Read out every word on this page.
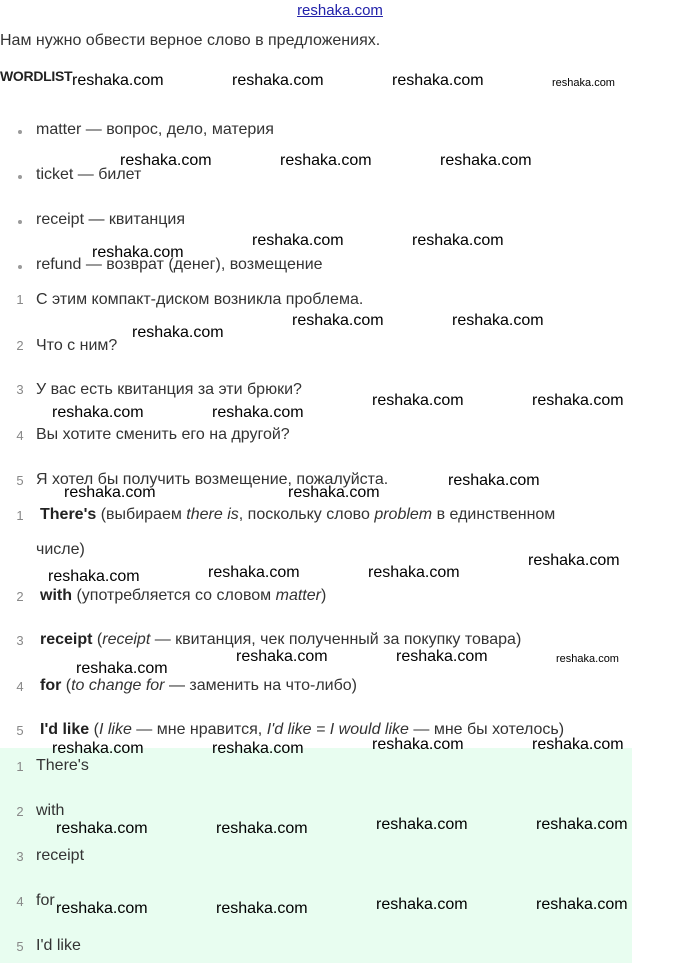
reshaka.com
Нам нужно обвести верное слово в предложениях.
WORDLIST
matter — вопрос, дело, материя
ticket — билет
receipt — квитанция
refund — возврат (денег), возмещение
1 С этим компакт-диском возникла проблема.
2 Что с ним?
3 У вас есть квитанция за эти брюки?
4 Вы хотите сменить его на другой?
5 Я хотел бы получить возмещение, пожалуйста.
1 There's (выбираем there is, поскольку слово problem в единственном
числе)
2 with (употребляется со словом matter)
3 receipt (receipt — квитанция, чек полученный за покупку товара)
4 for (to change for — заменить на что-либо)
5 I'd like (I like — мне нравится, I'd like = I would like — мне бы хотелось)
1 There's
2 with
3 receipt
4 for
5 I'd like
reshaka.com	reshaka.com	reshaka.com	reshaka.com
reshaka.com	reshaka.com	reshaka.com
reshaka.com
reshaka.com	reshaka.com
reshaka.com
reshaka.com	reshaka.com
reshaka.com	reshaka.com
reshaka.com	reshaka.com
reshaka.com	reshaka.com
reshaka.com
reshaka.com	reshaka.com	reshaka.com
reshaka.com
reshaka.com
reshaka.com	reshaka.com	reshaka.com
reshaka.com	reshaka.com	reshaka.com	reshaka.com
reshaka.com	reshaka.com	reshaka.com	reshaka.com
reshaka.com	reshaka.com	reshaka.com	reshaka.com
